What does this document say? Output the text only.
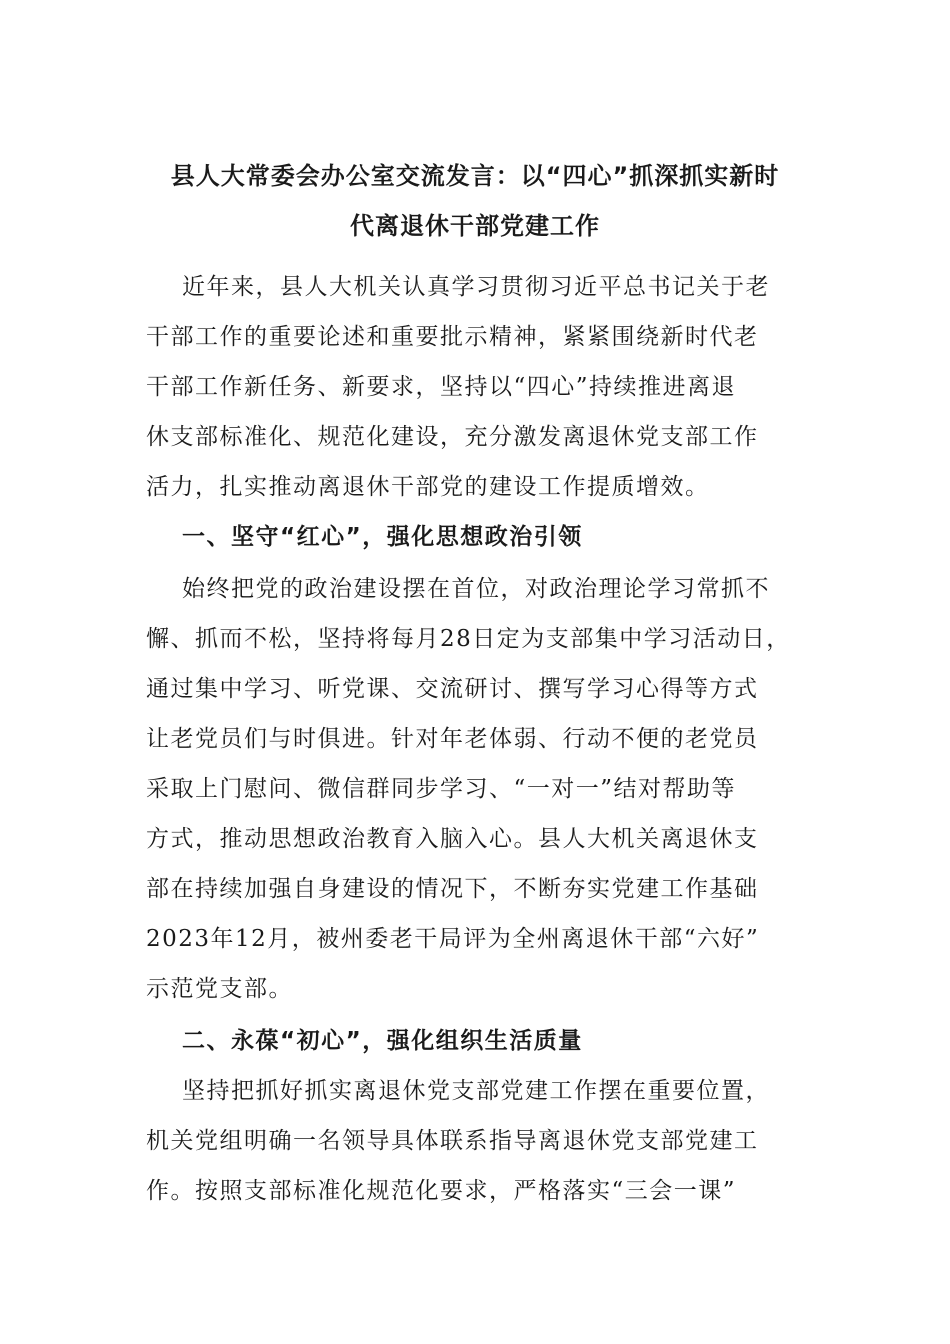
县人大常委会办公室交流发言：以“四心”抓深抓实新时
代离退休干部党建工作
近年来，县人大机关认真学习贯彻习近平总书记关于老
干部工作的重要论述和重要批示精神，紧紧围绕新时代老
干部工作新任务、新要求，坚持以“四心”持续推进离退
休支部标准化、规范化建设，充分激发离退休党支部工作
活力，扎实推动离退休干部党的建设工作提质增效。
一、坚守“红心”，强化思想政治引领
始终把党的政治建设摆在首位，对政治理论学习常抓不
懈、抓而不松，坚持将每月28日定为支部集中学习活动日，
通过集中学习、听党课、交流研讨、撰写学习心得等方式
让老党员们与时俱进。针对年老体弱、行动不便的老党员
采取上门慰问、微信群同步学习、“一对一”结对帮助等
方式，推动思想政治教育入脑入心。县人大机关离退休支
部在持续加强自身建设的情况下，不断夯实党建工作基础
2023年12月，被州委老干局评为全州离退休干部“六好”
示范党支部。
二、永葆“初心”，强化组织生活质量
坚持把抓好抓实离退休党支部党建工作摆在重要位置，
机关党组明确一名领导具体联系指导离退休党支部党建工
作。按照支部标准化规范化要求，严格落实“三会一课”
